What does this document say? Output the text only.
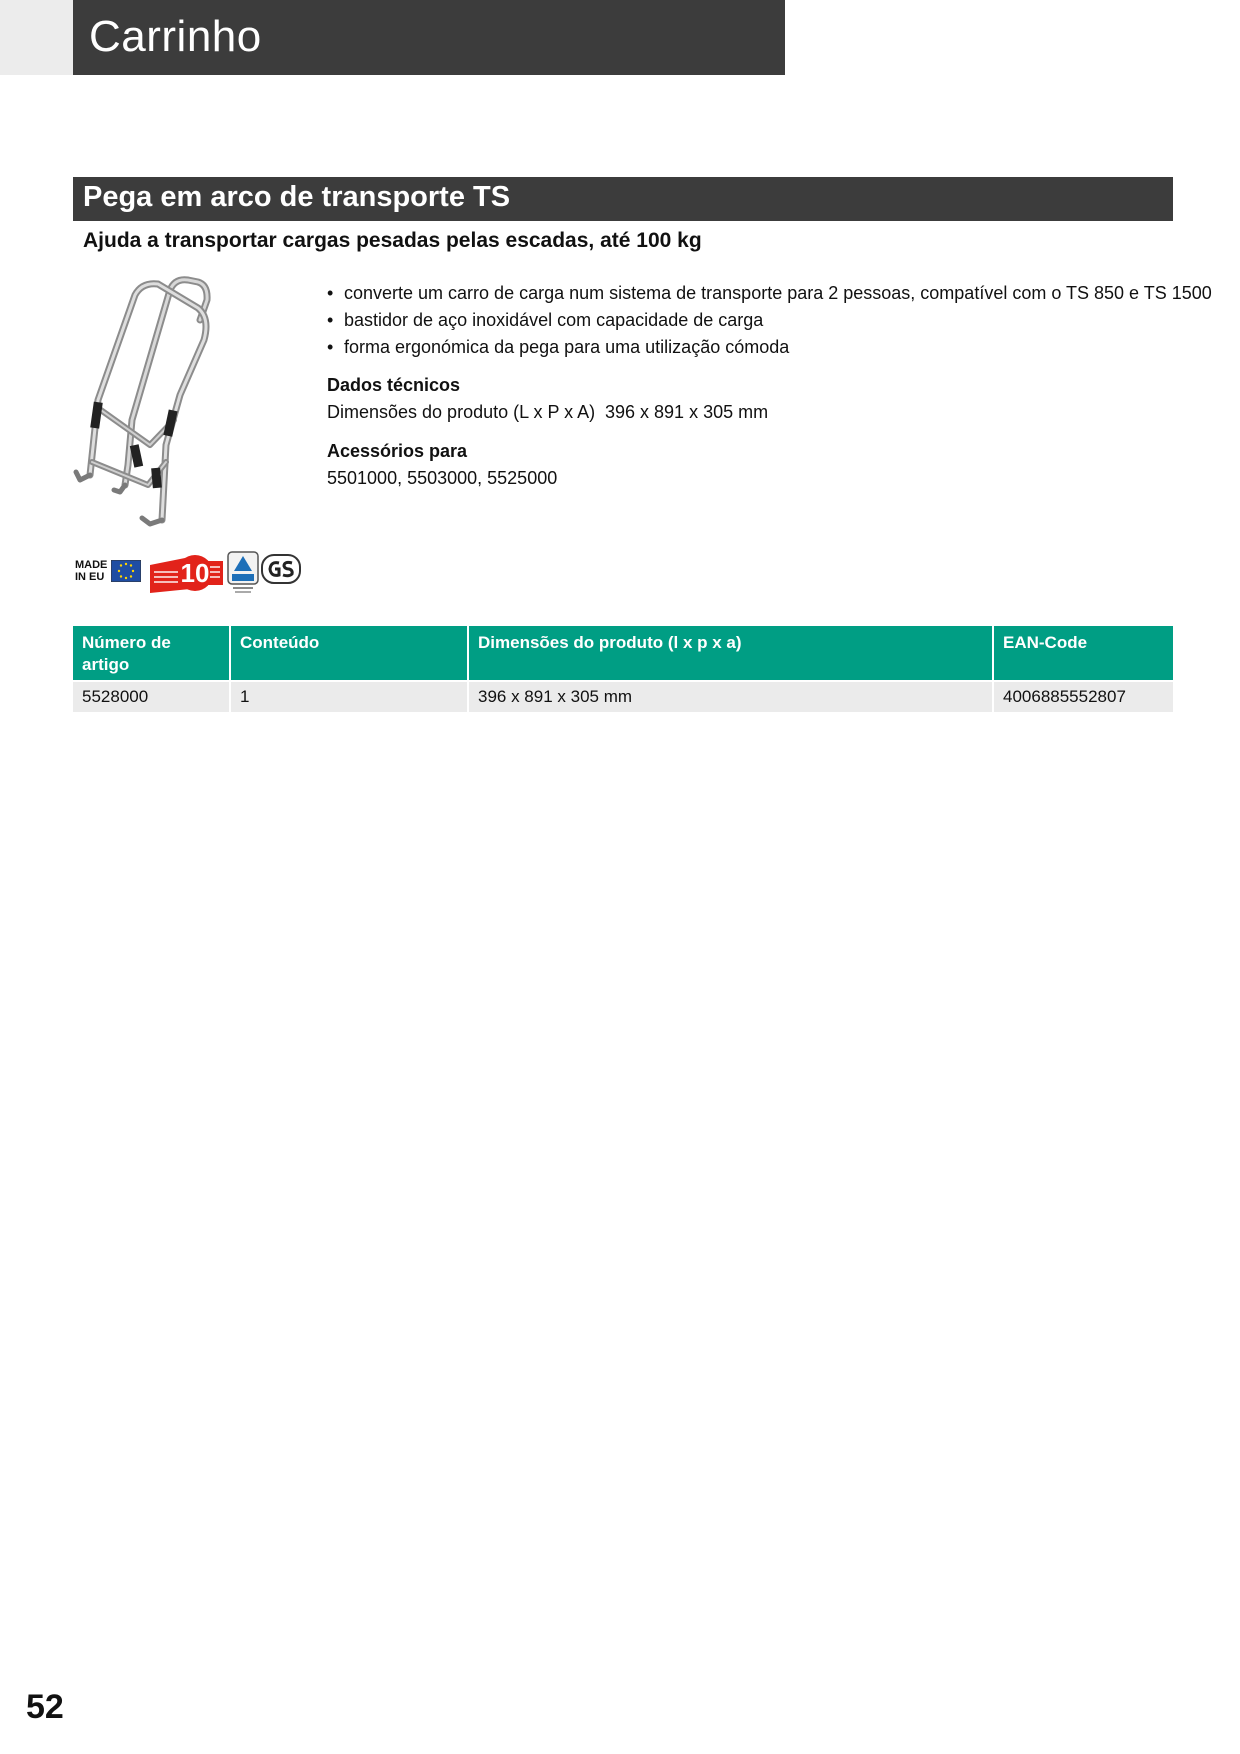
Carrinho
Pega em arco de transporte TS
Ajuda a transportar cargas pesadas pelas escadas, até 100 kg
• converte um carro de carga num sistema de transporte para 2 pessoas, compatível com o TS 850 e TS 1500
• bastidor de aço inoxidável com capacidade de carga
• forma ergonómica da pega para uma utilização cómoda
Dados técnicos
Dimensões do produto (L x P x A) 396 x 891 x 305 mm
Acessórios para
5501000, 5503000, 5525000
MADE
IN EU	10
Número de artigo	Conteúdo	Dimensões do produto (l x p x a)	EAN-Code
5528000	1	396 x 891 x 305 mm	4006885552807
52
